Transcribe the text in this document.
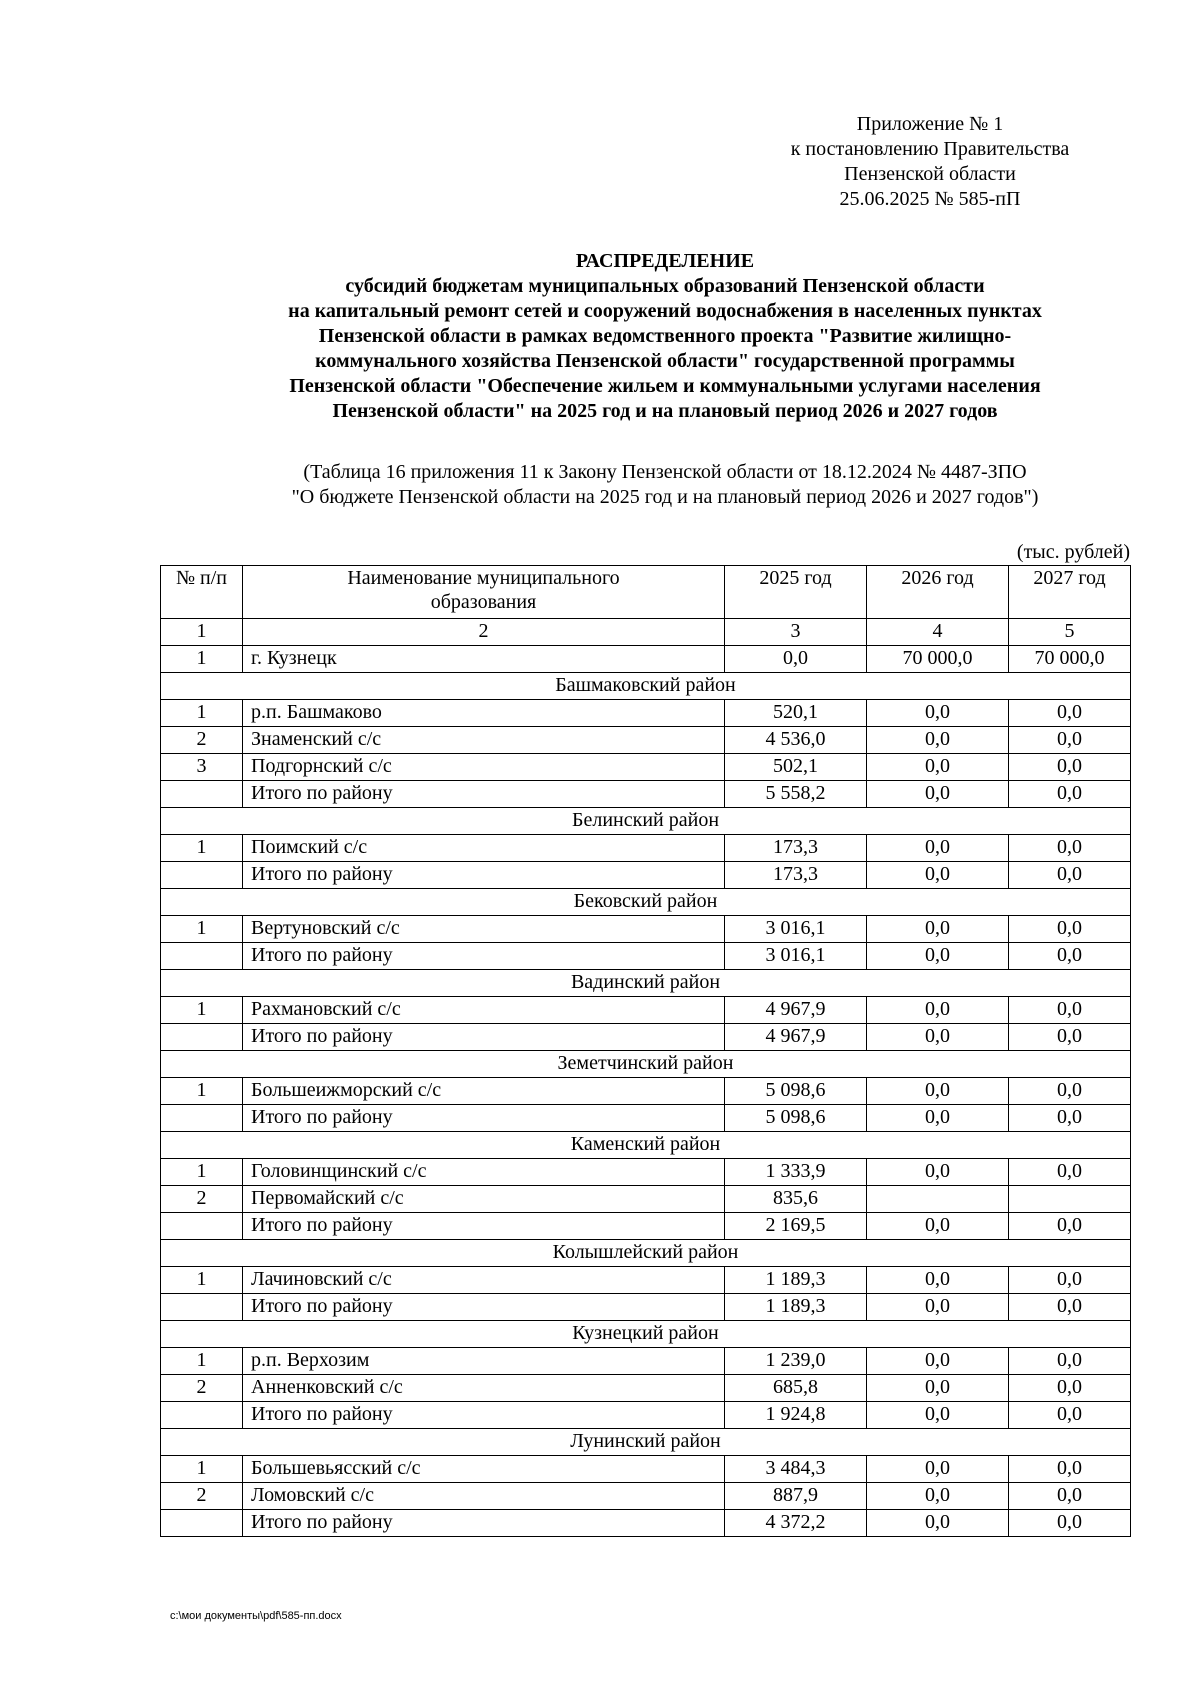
Приложение № 1
к постановлению Правительства
Пензенской области
25.06.2025 № 585-пП
РАСПРЕДЕЛЕНИЕ
субсидий бюджетам муниципальных образований Пензенской области
на капитальный ремонт сетей и сооружений водоснабжения в населенных пунктах
Пензенской области в рамках ведомственного проекта "Развитие жилищно-
коммунального хозяйства Пензенской области" государственной программы
Пензенской области "Обеспечение жильем и коммунальными услугами населения
Пензенской области" на 2025 год и на плановый период 2026 и 2027 годов
(Таблица 16 приложения 11 к Закону Пензенской области от 18.12.2024 № 4487-ЗПО
"О бюджете Пензенской области на 2025 год и на плановый период 2026 и 2027 годов")
(тыс. рублей)
№ п/п	Наименование муниципального образования	2025 год	2026 год	2027 год
1	2	3	4	5
1	г. Кузнецк	0,0	70 000,0	70 000,0
Башмаковский район				
1	р.п. Башмаково	520,1	0,0	0,0
2	Знаменский с/с	4 536,0	0,0	0,0
3	Подгорнский с/с	502,1	0,0	0,0
	Итого по району	5 558,2	0,0	0,0
Белинский район				
1	Поимский с/с	173,3	0,0	0,0
	Итого по району	173,3	0,0	0,0
Бековский район				
1	Вертуновский с/с	3 016,1	0,0	0,0
	Итого по району	3 016,1	0,0	0,0
Вадинский район				
1	Рахмановский с/с	4 967,9	0,0	0,0
	Итого по району	4 967,9	0,0	0,0
Земетчинский район				
1	Большеижморский с/с	5 098,6	0,0	0,0
	Итого по району	5 098,6	0,0	0,0
Каменский район				
1	Головинщинский с/с	1 333,9	0,0	0,0
2	Первомайский с/с	835,6		
	Итого по району	2 169,5	0,0	0,0
Колышлейский район				
1	Лачиновский с/с	1 189,3	0,0	0,0
	Итого по району	1 189,3	0,0	0,0
Кузнецкий район				
1	р.п. Верхозим	1 239,0	0,0	0,0
2	Анненковский с/с	685,8	0,0	0,0
	Итого по району	1 924,8	0,0	0,0
Лунинский район				
1	Большевьясский с/с	3 484,3	0,0	0,0
2	Ломовский с/с	887,9	0,0	0,0
	Итого по району	4 372,2	0,0	0,0
c:\мои документы\pdf\585-пп.docx
